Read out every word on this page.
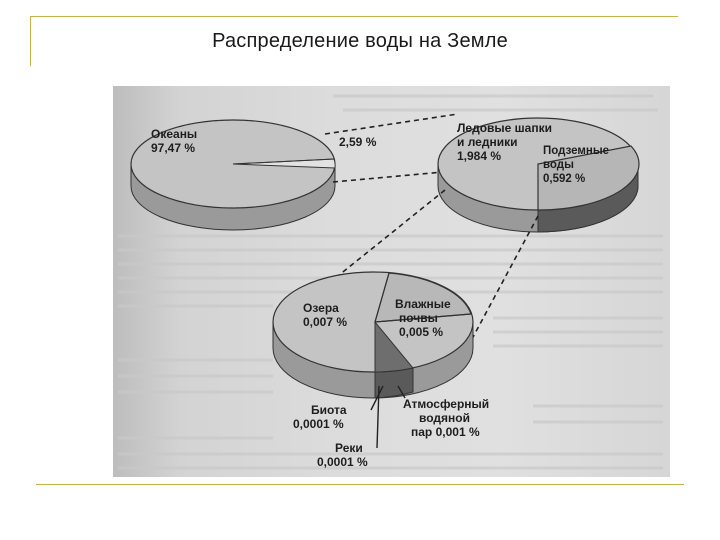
Распределение воды на Земле
Океаны
97,47 %	2,59 %
Ледовые шапки
и ледники
1,984 %	Подземные
воды
0,592 %
Озера
0,007 %
Влажные
почвы
0,005 %
Атмосферный
водяной
пар 0,001 %
Биота
0,0001 %
Реки
0,0001 %
